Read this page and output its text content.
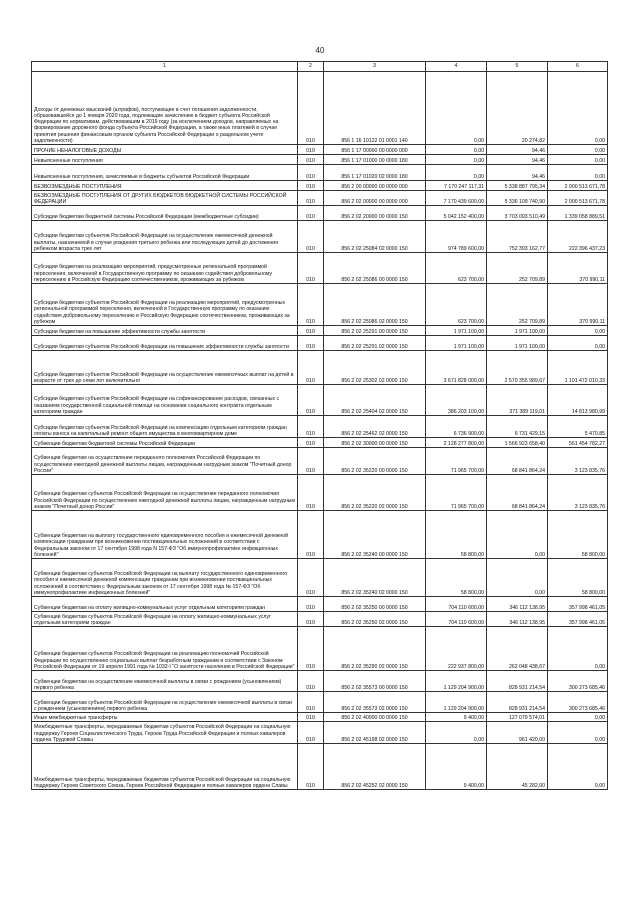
40
1	2	3	4	5	6
Доходы от денежных взысканий (штрафов), поступающие в счет погашения задолженности, образовавшейся до 1 января 2020 года, подлежащие зачислению в бюджет субъекта Российской Федерации по нормативам, действовавшим в 2019 году (за исключением доходов, направляемых на формирование дорожного фонда субъекта Российской Федерации, а также иных платежей в случае принятия решения финансовым органом субъекта Российской Федерации о раздельном учете задолженности)	010	856 1 16 10122 01 0001 140	0,00	20 274,82	0,00
ПРОЧИЕ НЕНАЛОГОВЫЕ ДОХОДЫ	010	856 1 17 00000 00 0000 000	0,00	94,46	0,00
Невыясненные поступления	010	856 1 17 01000 00 0000 180	0,00	94,46	0,00
Невыясненные поступления, зачисляемые в бюджеты субъектов Российской Федерации	010	856 1 17 01020 02 0000 180	0,00	94,46	0,00
БЕЗВОЗМЕЗДНЫЕ ПОСТУПЛЕНИЯ	010	856 2 00 00000 00 0000 000	7 170 247 117,31	5 338 887 795,34	2 000 513 671,78
БЕЗВОЗМЕЗДНЫЕ ПОСТУПЛЕНИЯ ОТ ДРУГИХ БЮДЖЕТОВ БЮДЖЕТНОЙ СИСТЕМЫ РОССИЙСКОЙ ФЕДЕРАЦИИ	010	856 2 02 00000 00 0000 000	7 170 439 600,00	5 336 109 740,90	2 000 513 671,78
Субсидии бюджетам бюджетной системы Российской Федерации (межбюджетные субсидии)	010	856 2 02 20000 00 0000 150	5 042 152 400,00	3 703 093 510,49	1 339 058 889,51
Субсидии бюджетам субъектов Российской Федерации на осуществление ежемесячной денежной выплаты, назначаемой в случае рождения третьего ребенка или последующих детей до достижения ребенком возраста трех лет	010	856 2 02 25084 02 0000 150	974 789 600,00	752 393 162,77	222 396 437,23
Субсидии бюджетам на реализацию мероприятий, предусмотренных региональной программой переселения, включенной в Государственную программу по оказанию содействия добровольному переселению в Российскую Федерацию соотечественников, проживающих за рубежом	010	856 2 02 25086 00 0000 150	623 700,00	252 709,89	370 990,11
Субсидии бюджетам субъектов Российской Федерации на реализацию мероприятий, предусмотренных региональной программой переселения, включенной в Государственную программу по оказанию содействия добровольному переселению в Российскую Федерацию соотечественников, проживающих за рубежом	010	856 2 02 25086 02 0000 150	623 700,00	252 709,89	370 990,11
Субсидии бюджетам на повышение эффективности службы занятости	010	856 2 02 25291 00 0000 150	1 971 100,00	1 971 100,00	0,00
Субсидии бюджетам субъектов Российской Федерации на повышение эффективности службы занятости	010	856 2 02 25291 02 0000 150	1 971 100,00	1 971 100,00	0,00
Субсидии бюджетам субъектов Российской Федерации на осуществление ежемесячных выплат на детей в возрасте от трех до семи лет включительно	010	856 2 02 25302 02 0000 150	3 671 828 000,00	2 570 355 989,67	1 101 472 010,33
Субсидии бюджетам субъектов Российской Федерации на софинансирование расходов, связанных с оказанием государственной социальной помощи на основании социального контракта отдельным категориям граждан	010	856 2 02 25404 02 0000 150	386 203 100,00	371 389 119,01	14 813 980,99
Субсидии бюджетам субъектов Российской Федерации на компенсацию отдельным категориям граждан оплаты взноса на капитальный ремонт общего имущества в многоквартирном доме	010	856 2 02 25462 02 0000 150	6 736 900,00	6 731 429,15	5 470,85
Субвенции бюджетам бюджетной системы Российской Федерации	010	856 2 02 30000 00 0000 150	2 128 277 800,00	1 566 923 658,40	561 454 782,27
Субвенции бюджетам на осуществление переданного полномочия Российской Федерации по осуществлению ежегодной денежной выплаты лицам, награжденным нагрудным знаком "Почетный донор России"	010	856 2 02 35220 00 0000 150	71 965 700,00	68 841 864,24	3 123 835,76
Субвенции бюджетам субъектов Российской Федерации на осуществление переданного полномочия Российской Федерации по осуществлению ежегодной денежной выплаты лицам, награжденным нагрудным знаком "Почетный донор России"	010	856 2 02 35220 02 0000 150	71 965 700,00	68 841 864,24	3 123 835,76
Субвенции бюджетам на выплату государственного единовременного пособия и ежемесячной денежной компенсации гражданам при возникновении поствакцинальных осложнений в соответствии с Федеральным законом от 17 сентября 1998 года N 157-ФЗ "Об иммунопрофилактике инфекционных болезней"	010	856 2 02 35240 00 0000 150	58 800,00	0,00	58 800,00
Субвенции бюджетам субъектов Российской Федерации на выплату государственного единовременного пособия и ежемесячной денежной компенсации гражданам при возникновении поствакцинальных осложнений в соответствии с Федеральным законом от 17 сентября 1998 года № 157-ФЗ "Об иммунопрофилактике инфекционных болезней"	010	856 2 02 35240 02 0000 150	58 800,00	0,00	58 800,00
Субвенции бюджетам на оплату жилищно-коммунальных услуг отдельным категориям граждан	010	856 2 02 35250 00 0000 150	704 110 600,00	346 112 138,95	357 998 461,05
Субвенции бюджетам субъектов Российской Федерации на оплату жилищно-коммунальных услуг отдельным категориям граждан	010	856 2 02 35250 02 0000 150	704 110 600,00	346 112 138,95	357 998 461,05
Субвенции бюджетам субъектов Российской Федерации на реализацию полномочий Российской Федерации по осуществлению социальных выплат безработным гражданам в соответствии с Законом Российской Федерации от 19 апреля 1991 года № 1032-I "О занятости населения в Российской Федерации"	010	856 2 02 35290 02 0000 150	222 937 800,00	262 048 438,67	0,00
Субвенции бюджетам на осуществление ежемесячной выплаты в связи с рождением (усыновлением) первого ребенка	010	856 2 02 35573 00 0000 150	1 129 204 900,00	828 931 214,54	300 273 685,46
Субвенции бюджетам субъектов Российской Федерации на осуществление ежемесячной выплаты в связи с рождением (усыновлением) первого ребенка	010	856 2 02 35573 02 0000 150	1 129 204 900,00	828 931 214,54	300 273 685,46
Иные межбюджетные трансферты	010	856 2 02 40000 00 0000 150	9 400,00	127 079 574,01	0,00
Межбюджетные трансферты, передаваемые бюджетам субъектов Российской Федерации на социальную поддержку Героев Социалистического Труда, Героев Труда Российской Федерации и полных кавалеров ордена Трудовой Славы	010	856 2 02 45198 02 0000 150	0,00	961 420,00	0,00
Межбюджетные трансферты, передаваемые бюджетам субъектов Российской Федерации на социальную поддержку Героев Советского Союза, Героев Российской Федерации и полных кавалеров ордена Славы	010	856 2 02 45252 02 0000 150	9 400,00	45 282,00	0,00
